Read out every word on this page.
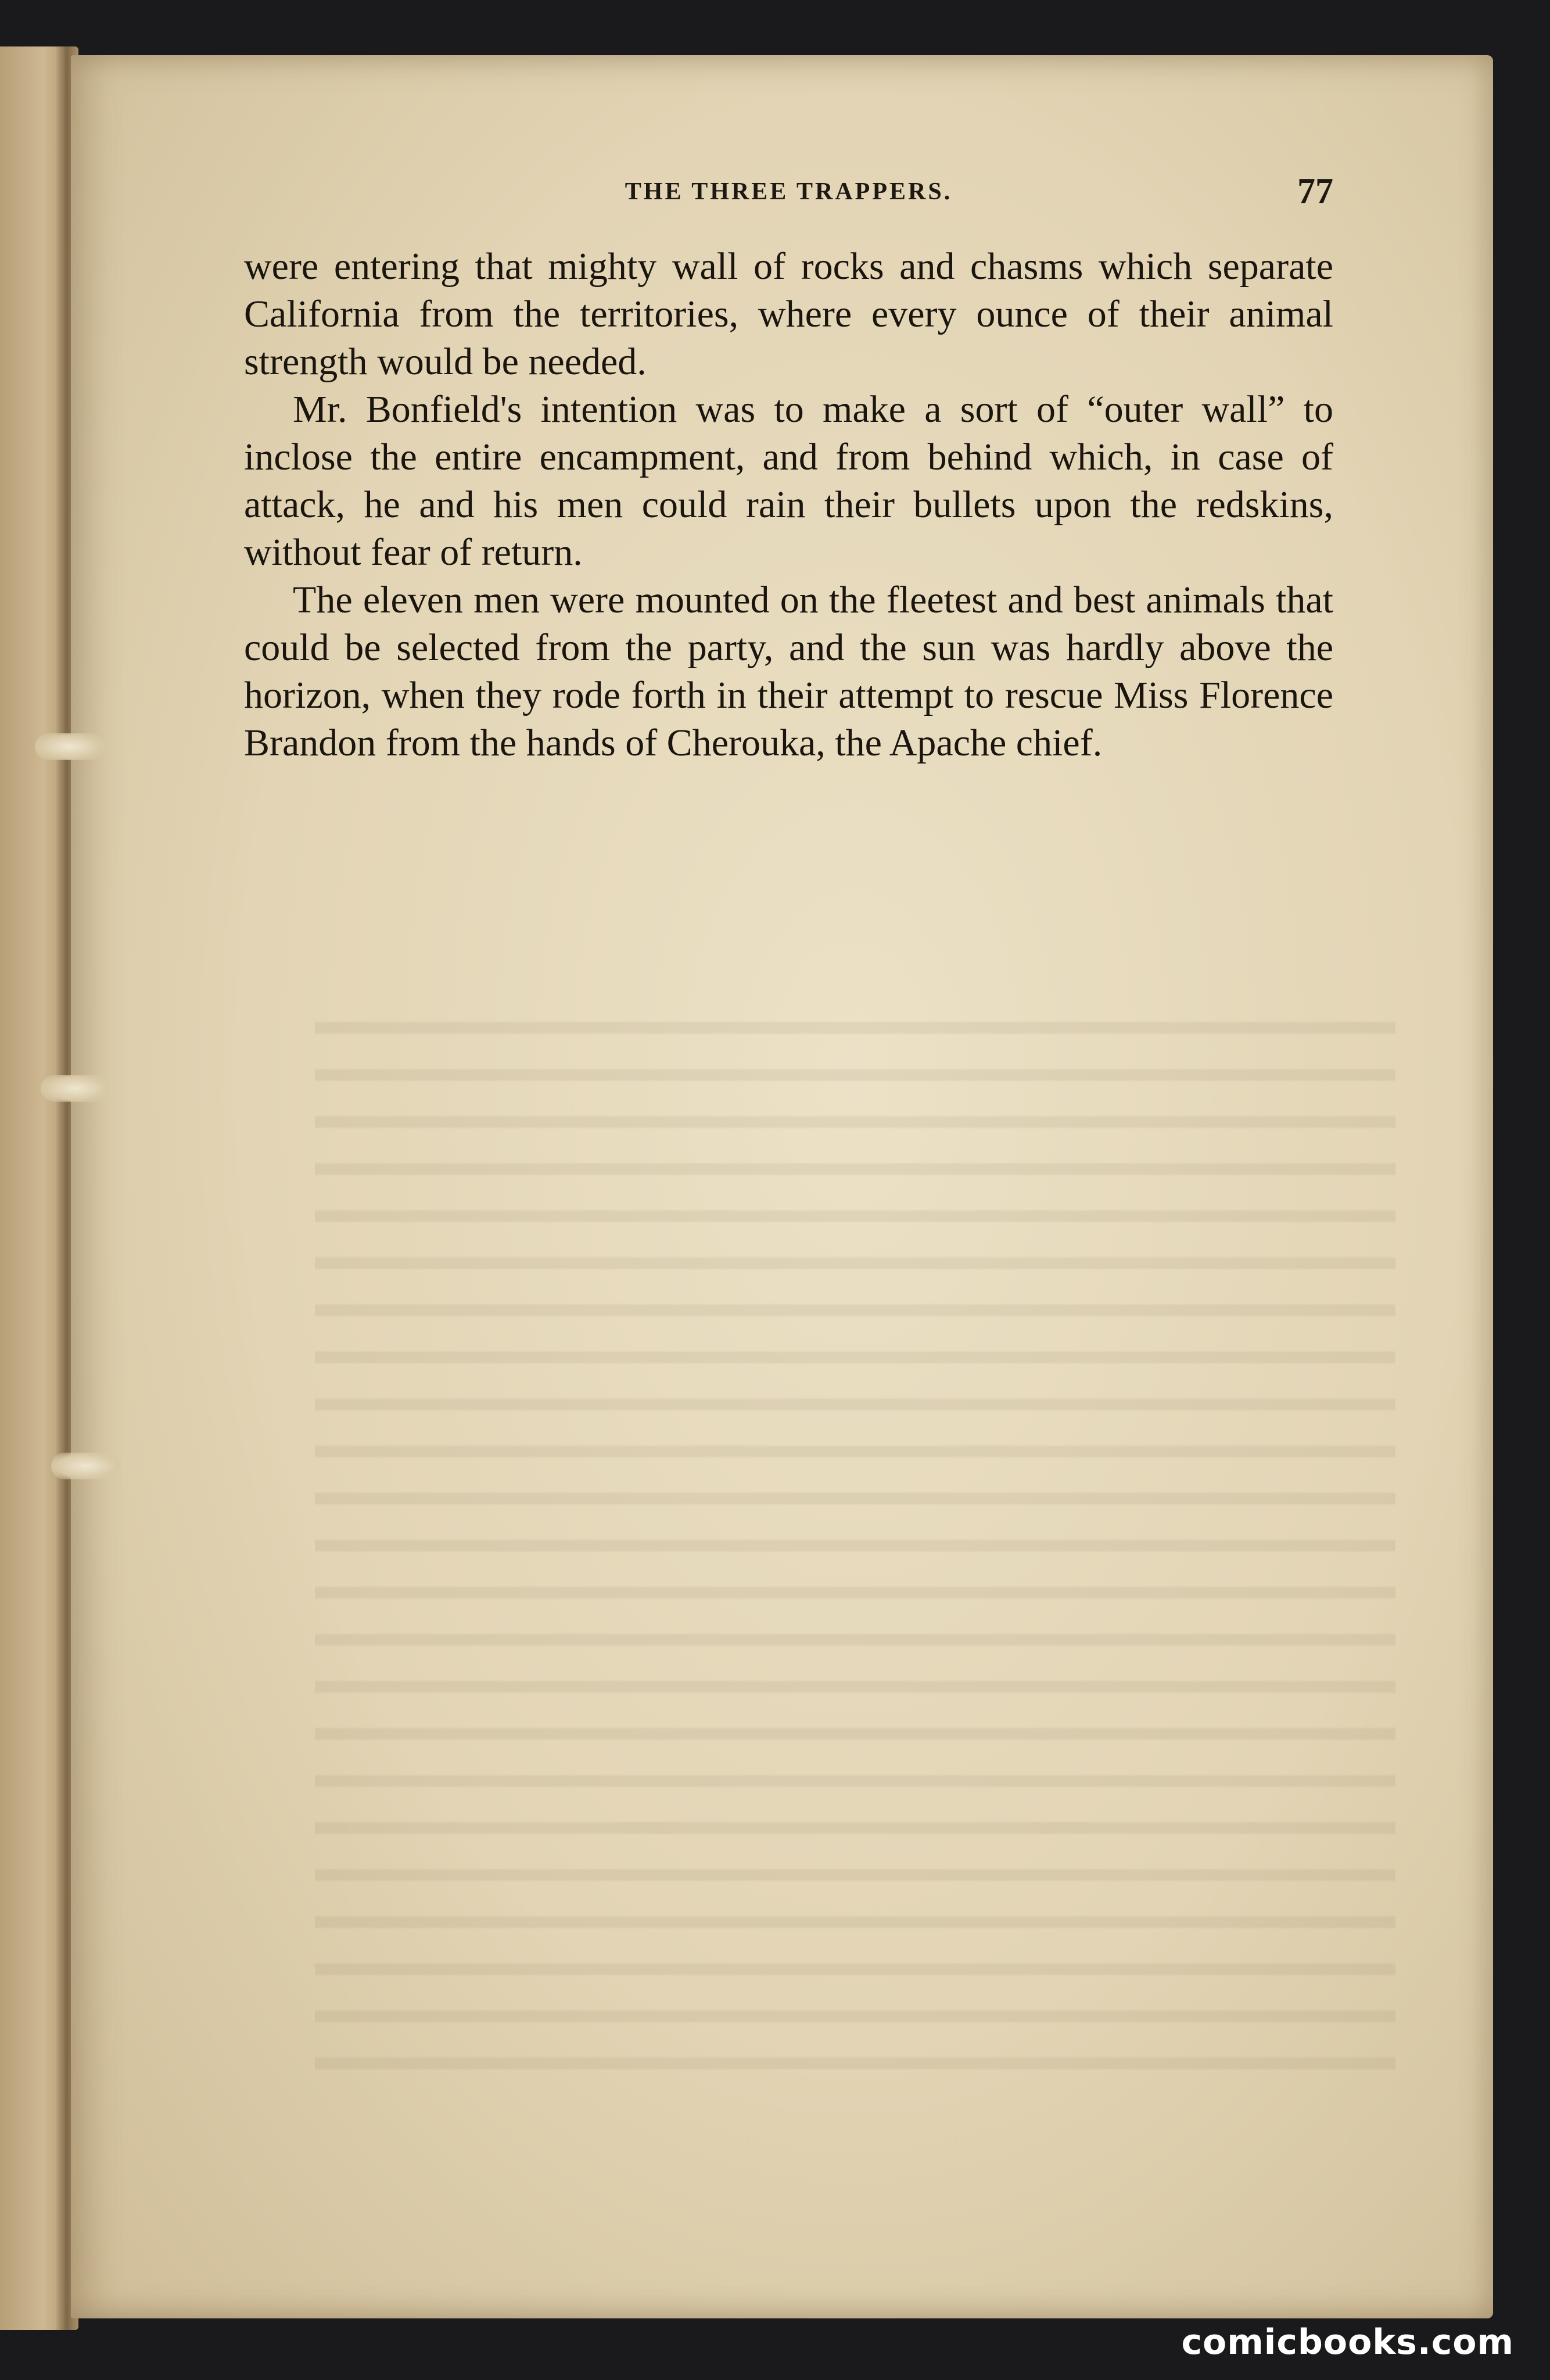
THE THREE TRAPPERS.	77

were entering that mighty wall of rocks and chasms which separate California from the territories, where every ounce of their animal strength would be needed.

Mr. Bonfield's intention was to make a sort of “outer wall” to inclose the entire encampment, and from behind which, in case of attack, he and his men could rain their bullets upon the redskins, without fear of return.

The eleven men were mounted on the fleetest and best animals that could be selected from the party, and the sun was hardly above the horizon, when they rode forth in their attempt to rescue Miss Florence Brandon from the hands of Cherouka, the Apache chief.

comicbooks.com
